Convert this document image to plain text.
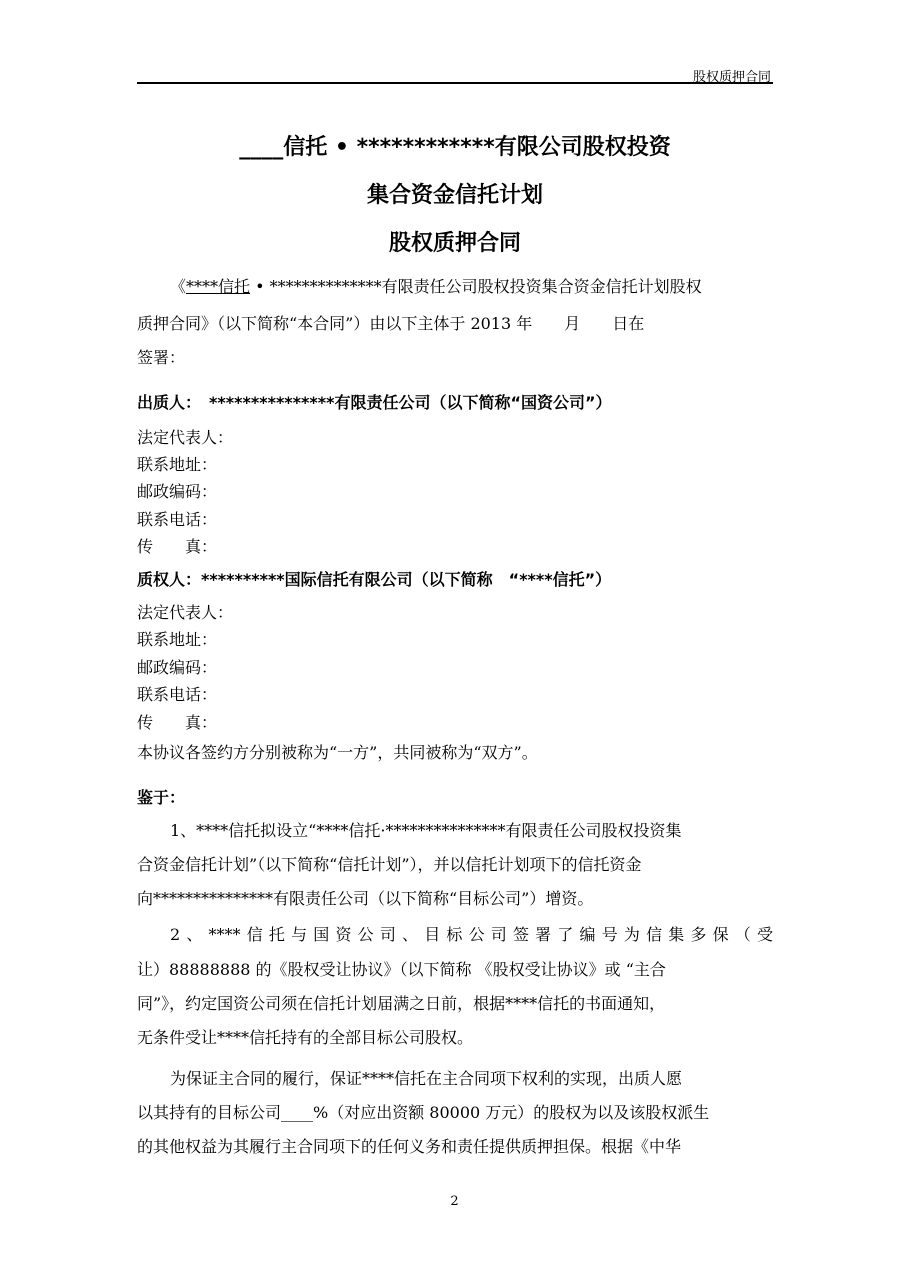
股权质押合同
____信托 • ************有限公司股权投资
集合资金信托计划
股权质押合同
《****信托 • **************有限责任公司股权投资集合资金信托计划股权
质押合同》（以下简称“本合同”）由以下主体于 2013 年　　月　　日在
签署：
出质人：　***************有限责任公司（以下简称“国资公司”）
法定代表人：
联系地址：
邮政编码：
联系电话：
传　　真：
质权人：**********国际信托有限公司（以下简称　“****信托”）
法定代表人：
联系地址：
邮政编码：
联系电话：
传　　真：
本协议各签约方分别被称为“一方”，共同被称为“双方”。
鉴于：
1、****信托拟设立“****信托·***************有限责任公司股权投资集
合资金信托计划”（以下简称“信托计划”），并以信托计划项下的信托资金
向***************有限责任公司（以下简称“目标公司”）增资。
2、****信托与国资公司、目标公司签署了编号为信集多保（受
让）88888888 的《股权受让协议》（以下简称 《股权受让协议》或 “主合
同”》，约定国资公司须在信托计划届满之日前，根据****信托的书面通知，
无条件受让****信托持有的全部目标公司股权。
为保证主合同的履行，保证****信托在主合同项下权利的实现，出质人愿
以其持有的目标公司____%（对应出资额 80000 万元）的股权为以及该股权派生
的其他权益为其履行主合同项下的任何义务和责任提供质押担保。根据《中华
2
